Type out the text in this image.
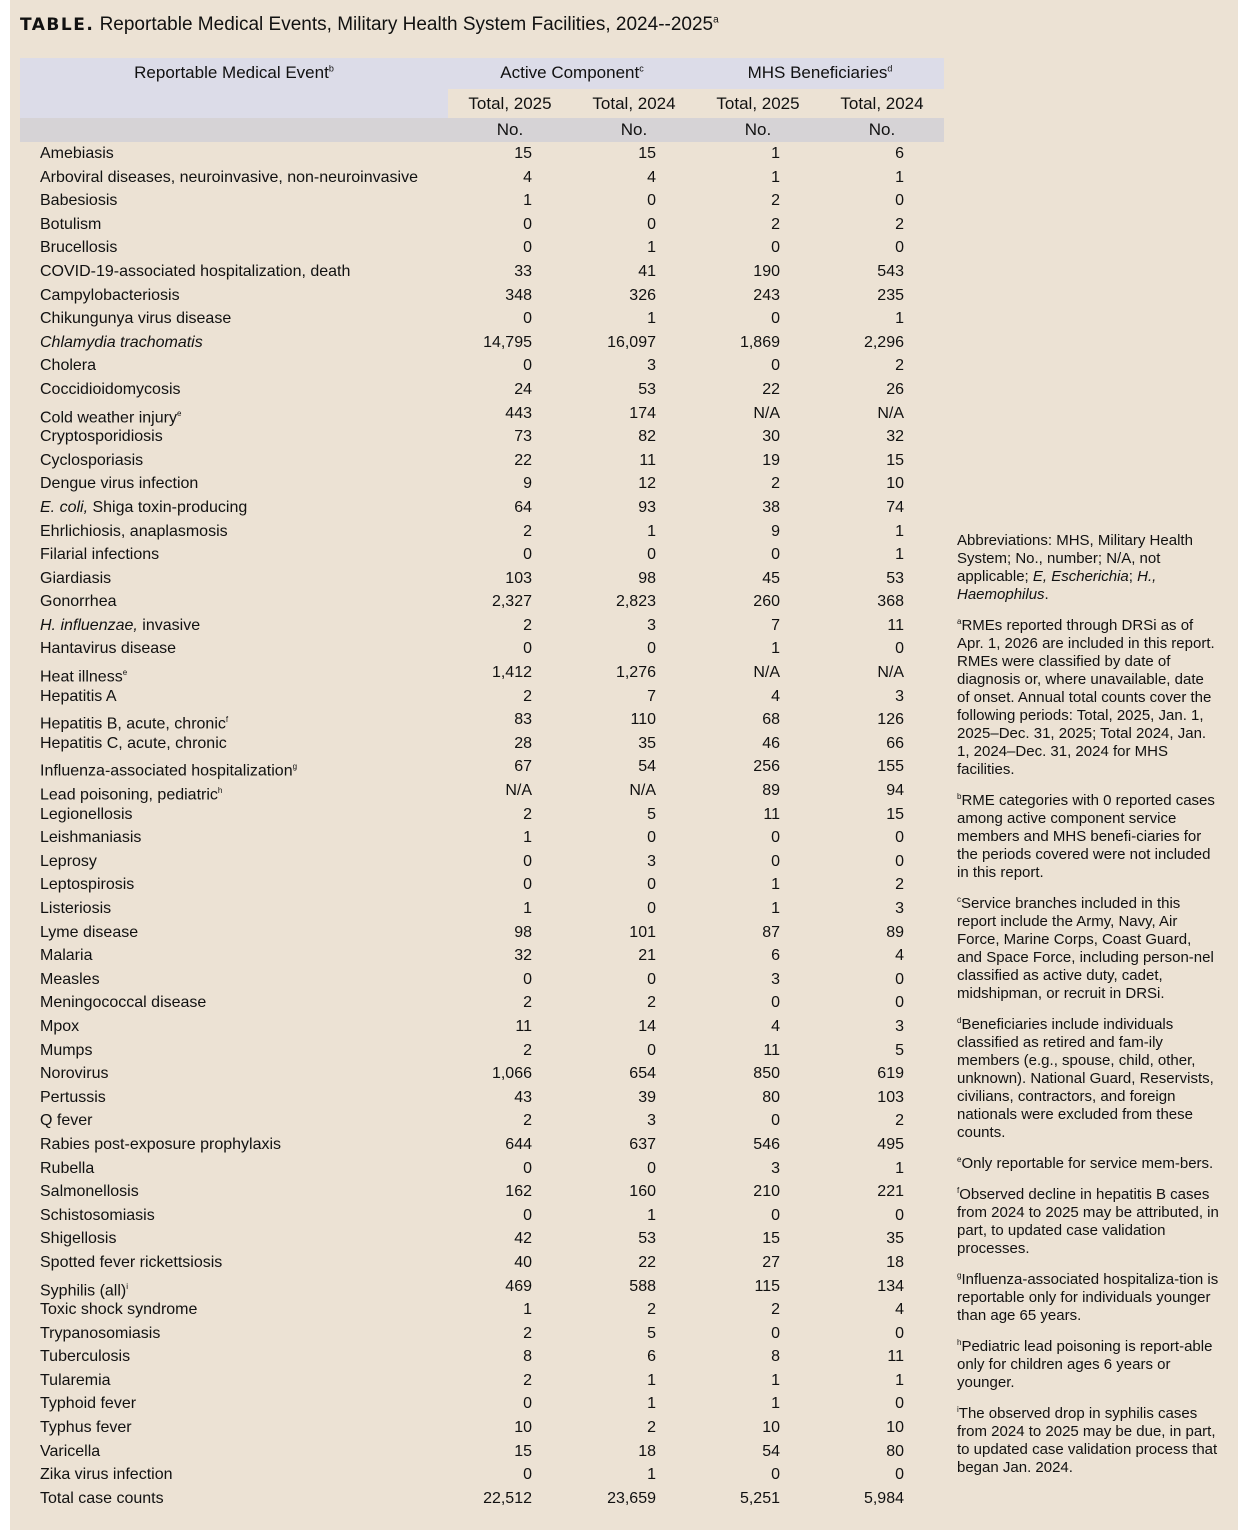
TABLE. Reportable Medical Events, Military Health System Facilities, 2024--2025$^a$
Reportable Medical Event$^b$	Active Component$^c$	MHS Beneficiaries$^d$
Total, 2025	Total, 2024	Total, 2025	Total, 2024
No.	No.	No.	No.
Amebiasis	15	15	1	6
Arboviral diseases, neuroinvasive, non-neuroinvasive	4	4	1	1
Babesiosis	1	0	2	0
Botulism	0	0	2	2
Brucellosis	0	1	0	0
COVID-19-associated hospitalization, death	33	41	190	543
Campylobacteriosis	348	326	243	235
Chikungunya virus disease	0	1	0	1
Chlamydia trachomatis	14,795	16,097	1,869	2,296
Cholera	0	3	0	2
Coccidioidomycosis	24	53	22	26
Cold weather injury$^e$	443	174	N/A	N/A
Cryptosporidiosis	73	82	30	32
Cyclosporiasis	22	11	19	15
Dengue virus infection	9	12	2	10
E. coli, Shiga toxin-producing	64	93	38	74
Ehrlichiosis, anaplasmosis	2	1	9	1
Filarial infections	0	0	0	1
Giardiasis	103	98	45	53
Gonorrhea	2,327	2,823	260	368
H. influenzae, invasive	2	3	7	11
Hantavirus disease	0	0	1	0
Heat illness$^e$	1,412	1,276	N/A	N/A
Hepatitis A	2	7	4	3
Hepatitis B, acute, chronic$^f$	83	110	68	126
Hepatitis C, acute, chronic	28	35	46	66
Influenza-associated hospitalization$^g$	67	54	256	155
Lead poisoning, pediatric$^h$	N/A	N/A	89	94
Legionellosis	2	5	11	15
Leishmaniasis	1	0	0	0
Leprosy	0	3	0	0
Leptospirosis	0	0	1	2
Listeriosis	1	0	1	3
Lyme disease	98	101	87	89
Malaria	32	21	6	4
Measles	0	0	3	0
Meningococcal disease	2	2	0	0
Mpox	11	14	4	3
Mumps	2	0	11	5
Norovirus	1,066	654	850	619
Pertussis	43	39	80	103
Q fever	2	3	0	2
Rabies post-exposure prophylaxis	644	637	546	495
Rubella	0	0	3	1
Salmonellosis	162	160	210	221
Schistosomiasis	0	1	0	0
Shigellosis	42	53	15	35
Spotted fever rickettsiosis	40	22	27	18
Syphilis (all)$^i$	469	588	115	134
Toxic shock syndrome	1	2	2	4
Trypanosomiasis	2	5	0	0
Tuberculosis	8	6	8	11
Tularemia	2	1	1	1
Typhoid fever	0	1	1	0
Typhus fever	10	2	10	10
Varicella	15	18	54	80
Zika virus infection	0	1	0	0
Total case counts	22,512	23,659	5,251	5,984
Abbreviations: MHS, Military Health System; No., number; N/A, not applicable; E, Escherichia; H., Haemophilus.
$^a$RMEs reported through DRSi as of Apr. 1, 2026 are included in this report. RMEs were classified by date of diagnosis or, where unavailable, date of onset. Annual total counts cover the following periods: Total, 2025, Jan. 1, 2025–Dec. 31, 2025; Total 2024, Jan. 1, 2024–Dec. 31, 2024 for MHS facilities.
$^b$RME categories with 0 reported cases among active component service members and MHS benefi-ciaries for the periods covered were not included in this report.
$^c$Service branches included in this report include the Army, Navy, Air Force, Marine Corps, Coast Guard, and Space Force, including person-nel classified as active duty, cadet, midshipman, or recruit in DRSi.
$^d$Beneficiaries include individuals classified as retired and fam-ily members (e.g., spouse, child, other, unknown). National Guard, Reservists, civilians, contractors, and foreign nationals were excluded from these counts.
$^e$Only reportable for service mem-bers.
$^f$Observed decline in hepatitis B cases from 2024 to 2025 may be attributed, in part, to updated case validation processes.
$^g$Influenza-associated hospitaliza-tion is reportable only for individuals younger than age 65 years.
$^h$Pediatric lead poisoning is report-able only for children ages 6 years or younger.
$^i$The observed drop in syphilis cases from 2024 to 2025 may be due, in part, to updated case validation process that began Jan. 2024.
